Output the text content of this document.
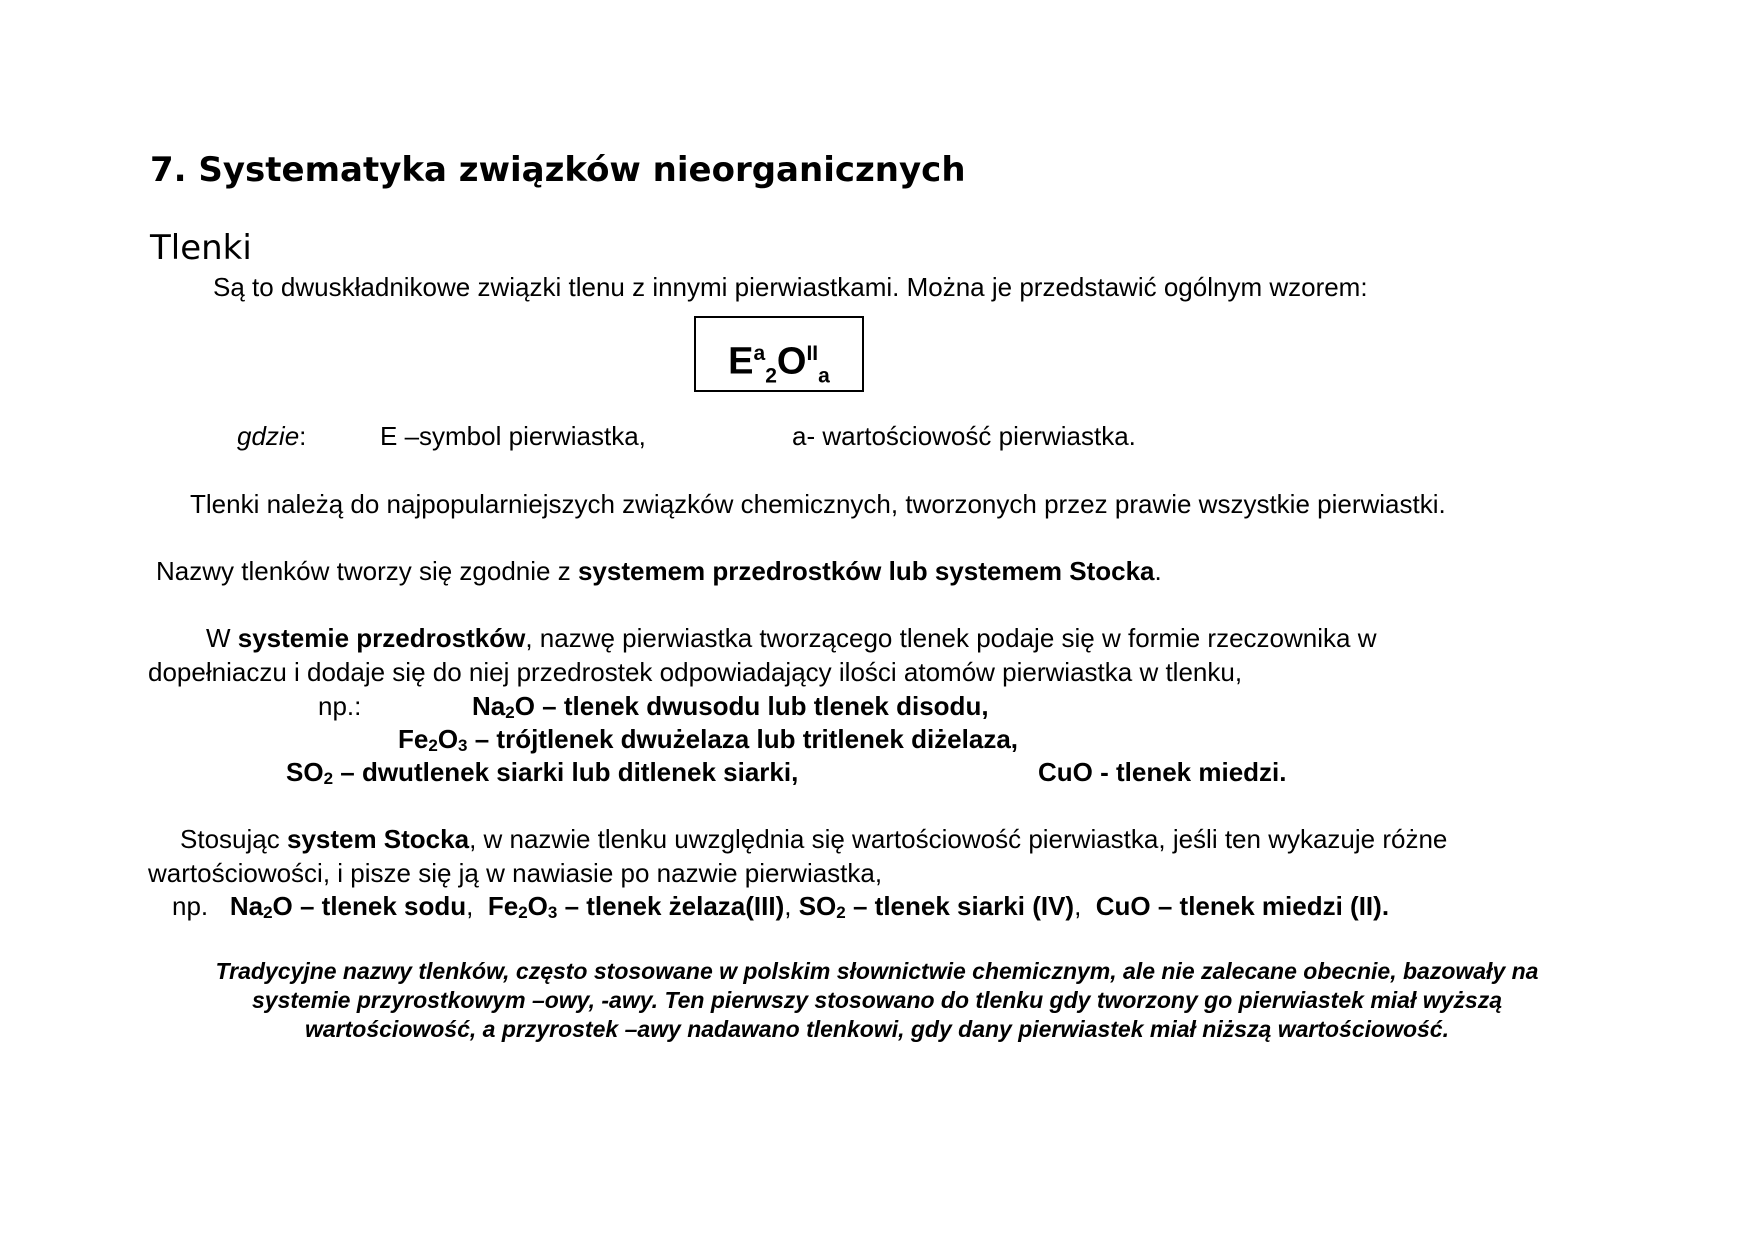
7. Systematyka związków nieorganicznych
Tlenki
Są to dwuskładnikowe związki tlenu z innymi pierwiastkami. Można je przedstawić ogólnym wzorem:
$E^a_2O^{II}_a$
gdzie:	E –symbol pierwiastka,	a- wartościowość pierwiastka.
Tlenki należą do najpopularniejszych związków chemicznych, tworzonych przez prawie wszystkie pierwiastki.
Nazwy tlenków tworzy się zgodnie z systemem przedrostków lub systemem Stocka.
W systemie przedrostków, nazwę pierwiastka tworzącego tlenek podaje się w formie rzeczownika w
dopełniaczu i dodaje się do niej przedrostek odpowiadający ilości atomów pierwiastka w tlenku,
np.:	$Na_2O$ – tlenek dwusodu lub tlenek disodu,
$Fe_2O_3$ – trójtlenek dwużelaza lub tritlenek diżelaza,
$SO_2$ – dwutlenek siarki lub ditlenek siarki,	CuO - tlenek miedzi.
Stosując system Stocka, w nazwie tlenku uwzględnia się wartościowość pierwiastka, jeśli ten wykazuje różne
wartościowości, i pisze się ją w nawiasie po nazwie pierwiastka,
np. $Na_2O$ – tlenek sodu, $Fe_2O_3$ – tlenek żelaza(III), $SO_2$ – tlenek siarki (IV), CuO – tlenek miedzi (II).
Tradycyjne nazwy tlenków, często stosowane w polskim słownictwie chemicznym, ale nie zalecane obecnie, bazowały na
systemie przyrostkowym –owy, -awy. Ten pierwszy stosowano do tlenku gdy tworzony go pierwiastek miał wyższą
wartościowość, a przyrostek –awy nadawano tlenkowi, gdy dany pierwiastek miał niższą wartościowość.
